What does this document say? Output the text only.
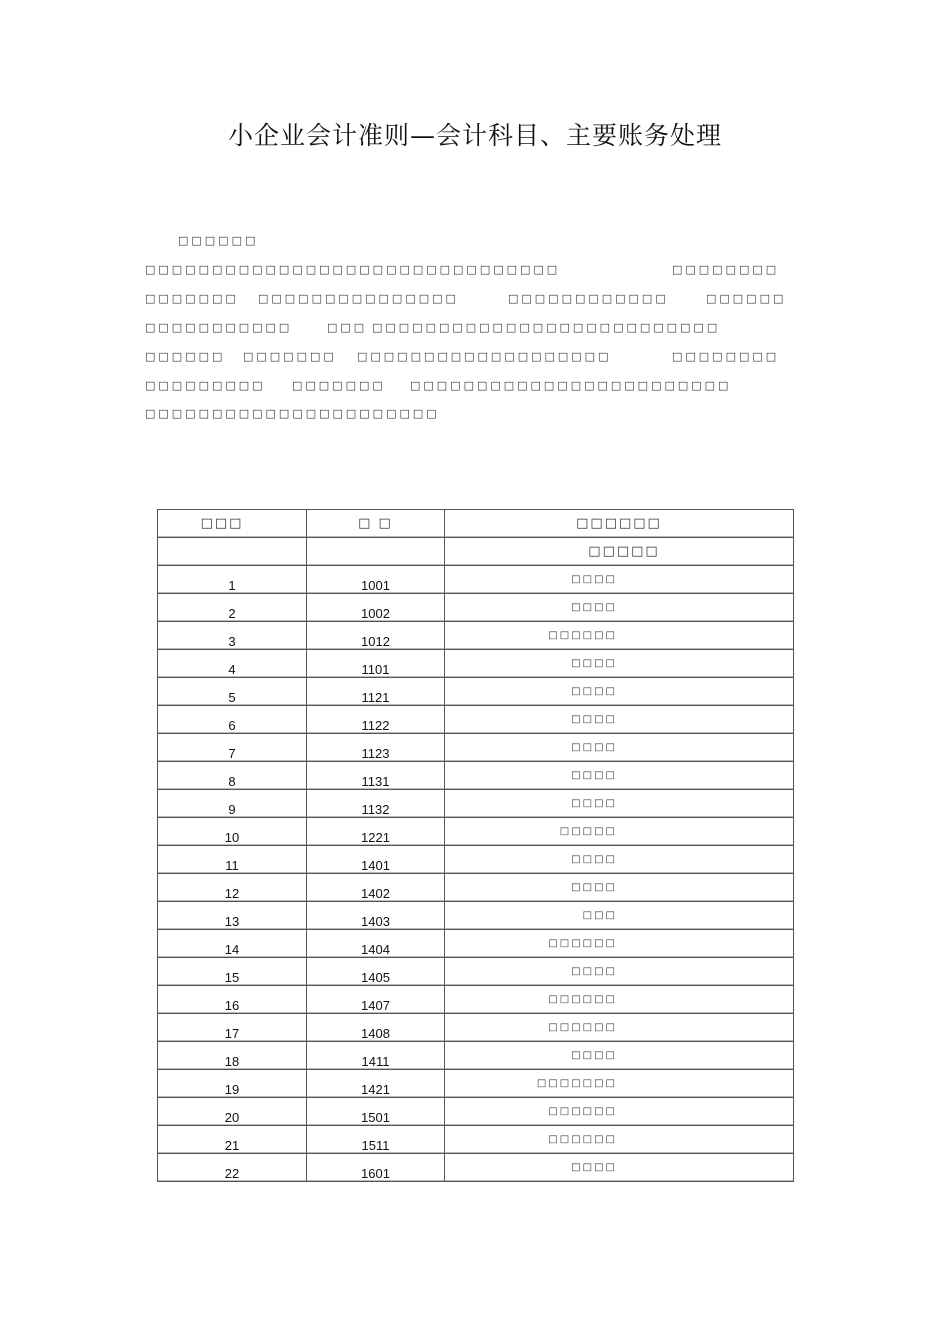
小企业会计准则—会计科目、主要账务处理
□□□□□□
□□□□□□□□□□□□□□□□□□□□□□□□□□□□□□□	□□□□□□□□
□□□□□□□ □□□□□□□□□□□□□□□	□□□□□□□□□□□□	□□□□□□
□□□□□□□□□□□	□□□ □□□□□□□□□□□□□□□□□□□□□□□□□□
□□□□□□ □□□□□□□ □□□□□□□□□□□□□□□□□□□	□□□□□□□□
□□□□□□□□□ □□□□□□□ □□□□□□□□□□□□□□□□□□□□□□□□
□□□□□□□□□□□□□□□□□□□□□□
□□□	□ □	□□□□□□
		□□□□□
1	1001	□□□□

2	1002	□□□□

3	1012	□□□□□□

4	1101	□□□□

5	1121	□□□□

6	1122	□□□□

7	1123	□□□□

8	1131	□□□□

9	1132	□□□□

10	1221	□□□□□

11	1401	□□□□

12	1402	□□□□

13	1403	□□□

14	1404	□□□□□□

15	1405	□□□□

16	1407	□□□□□□

17	1408	□□□□□□

18	1411	□□□□

19	1421	□□□□□□□

20	1501	□□□□□□

21	1511	□□□□□□

22	1601	□□□□
